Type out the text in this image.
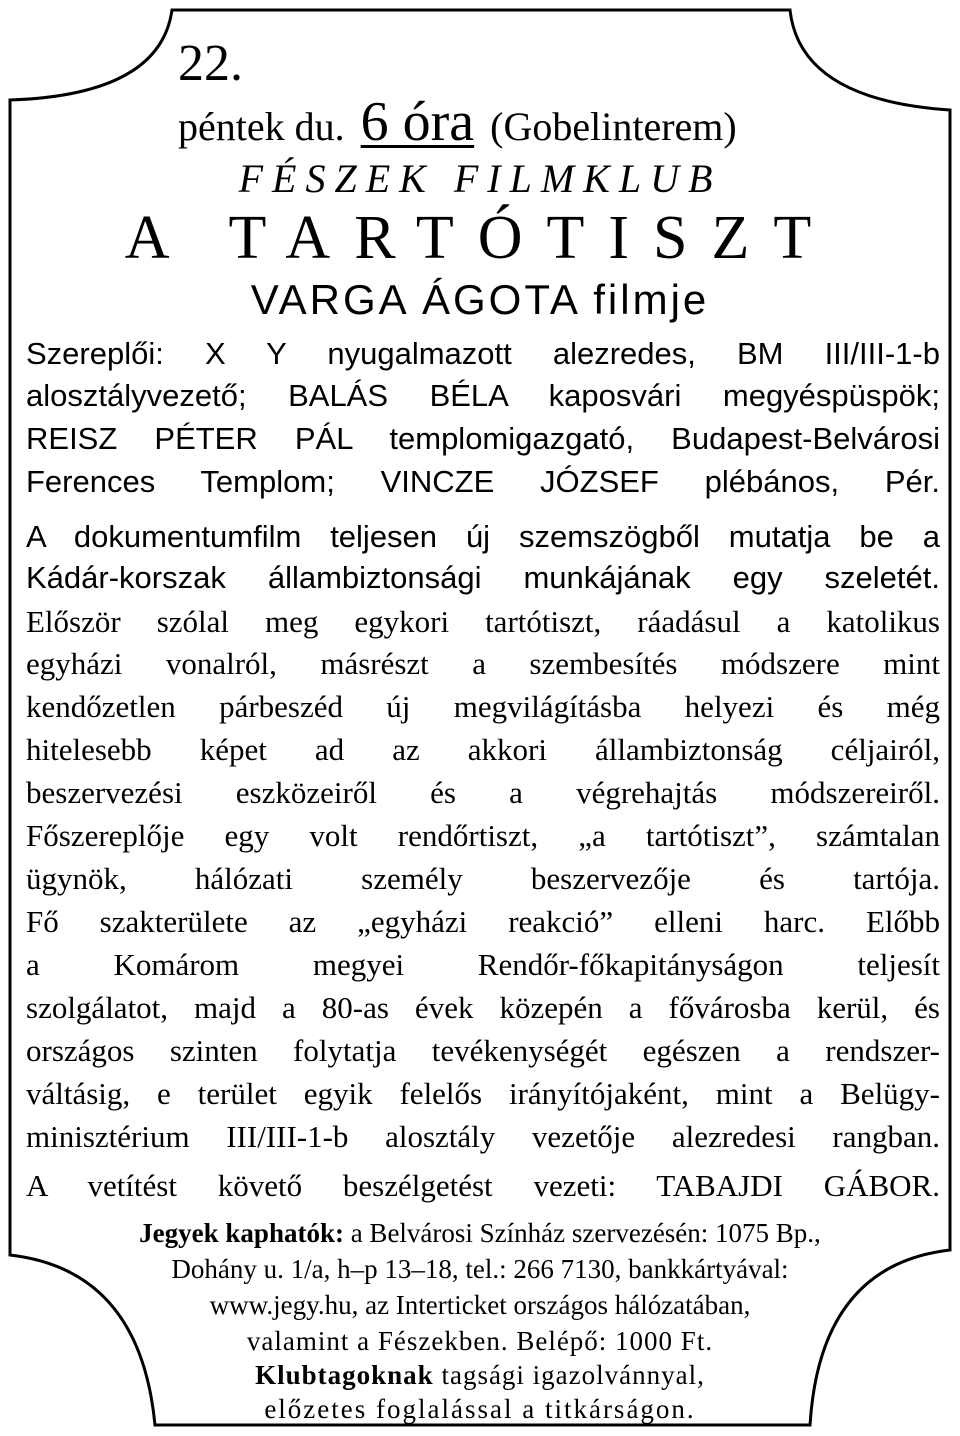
22.
péntek du. 6 óra (Gobelinterem)
FÉSZEK FILMKLUB
A TARTÓTISZT
VARGA ÁGOTA filmje
Szereplői: X Y nyugalmazott alezredes, BM III/III-1-b
alosztályvezető; BALÁS BÉLA kaposvári megyéspüspök;
REISZ PÉTER PÁL templomigazgató, Budapest-Belvárosi
Ferences Templom; VINCZE JÓZSEF plébános, Pér.
A dokumentumfilm teljesen új szemszögből mutatja be a
Kádár-korszak állambiztonsági munkájának egy szeletét.
Először szólal meg egykori tartótiszt, ráadásul a katolikus
egyházi vonalról, másrészt a szembesítés módszere mint
kendőzetlen párbeszéd új megvilágításba helyezi és még
hitelesebb képet ad az akkori állambiztonság céljairól,
beszervezési eszközeiről és a végrehajtás módszereiről.
Főszereplője egy volt rendőrtiszt, „a tartótiszt”, számtalan
ügynök, hálózati személy beszervezője és tartója.
Fő szakterülete az „egyházi reakció” elleni harc. Előbb
a Komárom megyei Rendőr-főkapitányságon teljesít
szolgálatot, majd a 80-as évek közepén a fővárosba kerül, és
országos szinten folytatja tevékenységét egészen a rendszer-
váltásig, e terület egyik felelős irányítójaként, mint a Belügy-
minisztérium III/III-1-b alosztály vezetője alezredesi rangban.
A vetítést követő beszélgetést vezeti: TABAJDI GÁBOR.
Jegyek kaphatók: a Belvárosi Színház szervezésén: 1075 Bp.,
Dohány u. 1/a, h–p 13–18, tel.: 266 7130, bankkártyával:
www.jegy.hu, az Interticket országos hálózatában,
valamint a Fészekben. Belépő: 1000 Ft.
Klubtagoknak tagsági igazolvánnyal,
előzetes foglalással a titkárságon.
